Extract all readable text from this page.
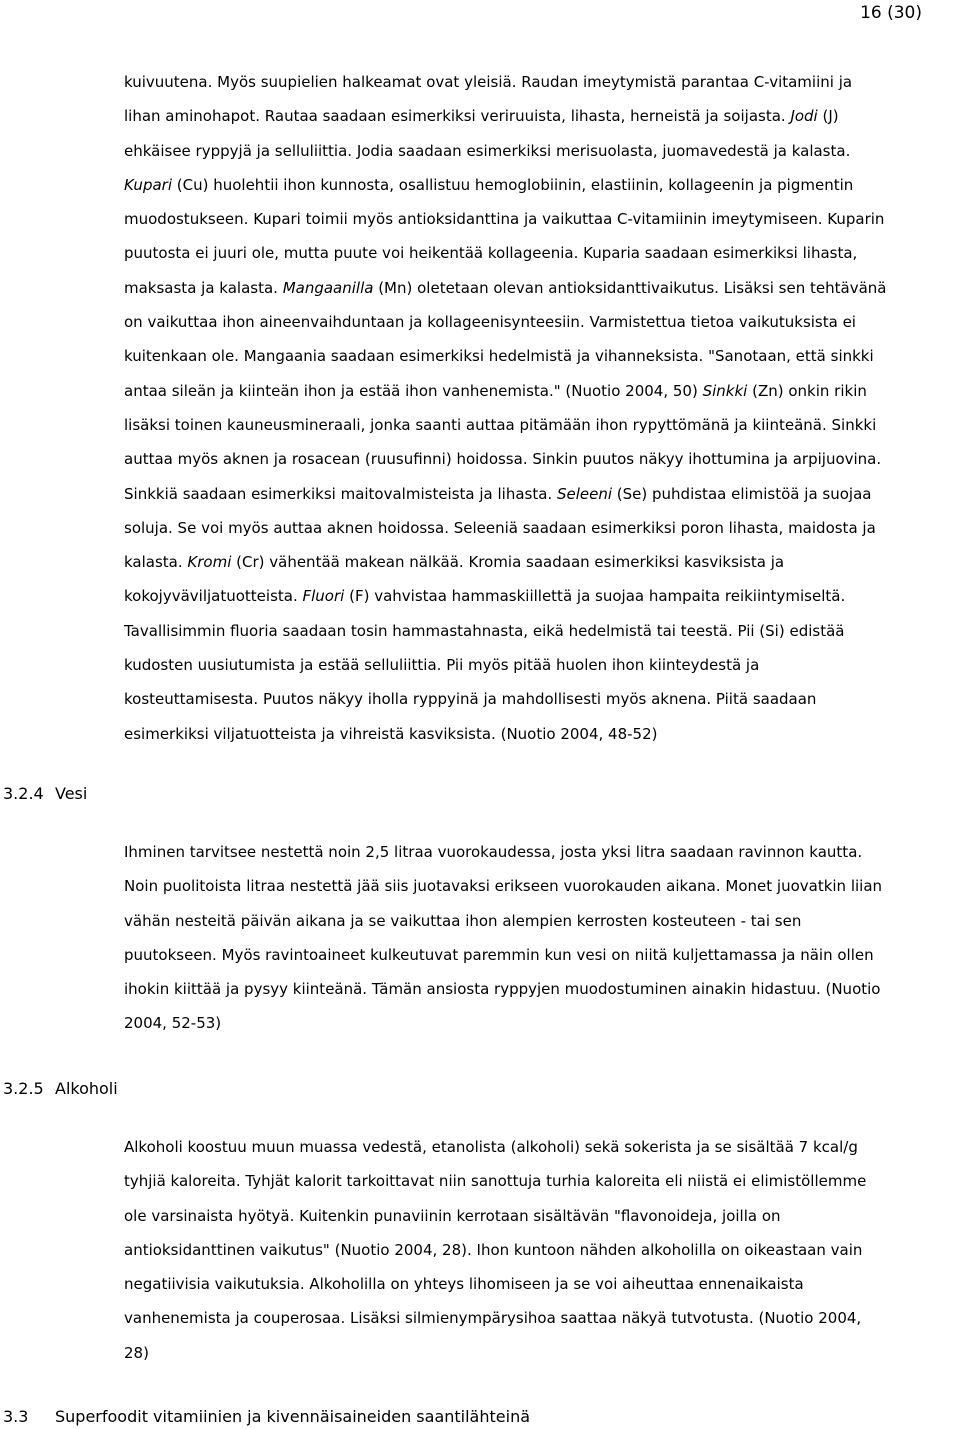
16 (30)
kuivuutena. Myös suupielien halkeamat ovat yleisiä. Raudan imeytymistä parantaa C-vitamiini ja
lihan aminohapot. Rautaa saadaan esimerkiksi veriruuista, lihasta, herneistä ja soijasta. Jodi (J)
ehkäisee ryppyjä ja selluliittia. Jodia saadaan esimerkiksi merisuolasta, juomavedestä ja kalasta.
Kupari (Cu) huolehtii ihon kunnosta, osallistuu hemoglobiinin, elastiinin, kollageenin ja pigmentin
muodostukseen. Kupari toimii myös antioksidanttina ja vaikuttaa C-vitamiinin imeytymiseen. Kuparin
puutosta ei juuri ole, mutta puute voi heikentää kollageenia. Kuparia saadaan esimerkiksi lihasta,
maksasta ja kalasta. Mangaanilla (Mn) oletetaan olevan antioksidanttivaikutus. Lisäksi sen tehtävänä
on vaikuttaa ihon aineenvaihduntaan ja kollageenisynteesiin. Varmistettua tietoa vaikutuksista ei
kuitenkaan ole. Mangaania saadaan esimerkiksi hedelmistä ja vihanneksista. "Sanotaan, että sinkki
antaa sileän ja kiinteän ihon ja estää ihon vanhenemista." (Nuotio 2004, 50) Sinkki (Zn) onkin rikin
lisäksi toinen kauneusmineraali, jonka saanti auttaa pitämään ihon rypyttömänä ja kiinteänä. Sinkki
auttaa myös aknen ja rosacean (ruusufinni) hoidossa. Sinkin puutos näkyy ihottumina ja arpijuovina.
Sinkkiä saadaan esimerkiksi maitovalmisteista ja lihasta. Seleeni (Se) puhdistaa elimistöä ja suojaa
soluja. Se voi myös auttaa aknen hoidossa. Seleeniä saadaan esimerkiksi poron lihasta, maidosta ja
kalasta. Kromi (Cr) vähentää makean nälkää. Kromia saadaan esimerkiksi kasviksista ja
kokojyväviljatuotteista. Fluori (F) vahvistaa hammaskiillettä ja suojaa hampaita reikiintymiseltä.
Tavallisimmin fluoria saadaan tosin hammastahnasta, eikä hedelmistä tai teestä. Pii (Si) edistää
kudosten uusiutumista ja estää selluliittia. Pii myös pitää huolen ihon kiinteydestä ja
kosteuttamisesta. Puutos näkyy iholla ryppyinä ja mahdollisesti myös aknena. Piitä saadaan
esimerkiksi viljatuotteista ja vihreistä kasviksista. (Nuotio 2004, 48-52)
3.2.4 Vesi
Ihminen tarvitsee nestettä noin 2,5 litraa vuorokaudessa, josta yksi litra saadaan ravinnon kautta.
Noin puolitoista litraa nestettä jää siis juotavaksi erikseen vuorokauden aikana. Monet juovatkin liian
vähän nesteitä päivän aikana ja se vaikuttaa ihon alempien kerrosten kosteuteen - tai sen
puutokseen. Myös ravintoaineet kulkeutuvat paremmin kun vesi on niitä kuljettamassa ja näin ollen
ihokin kiittää ja pysyy kiinteänä. Tämän ansiosta ryppyjen muodostuminen ainakin hidastuu. (Nuotio
2004, 52-53)
3.2.5 Alkoholi
Alkoholi koostuu muun muassa vedestä, etanolista (alkoholi) sekä sokerista ja se sisältää 7 kcal/g
tyhjiä kaloreita. Tyhjät kalorit tarkoittavat niin sanottuja turhia kaloreita eli niistä ei elimistöllemme
ole varsinaista hyötyä. Kuitenkin punaviinin kerrotaan sisältävän "flavonoideja, joilla on
antioksidanttinen vaikutus" (Nuotio 2004, 28). Ihon kuntoon nähden alkoholilla on oikeastaan vain
negatiivisia vaikutuksia. Alkoholilla on yhteys lihomiseen ja se voi aiheuttaa ennenaikaista
vanhenemista ja couperosaa. Lisäksi silmienympärysihoa saattaa näkyä tutvotusta. (Nuotio 2004,
28)
3.3 Superfoodit vitamiinien ja kivennäisaineiden saantilähteinä
